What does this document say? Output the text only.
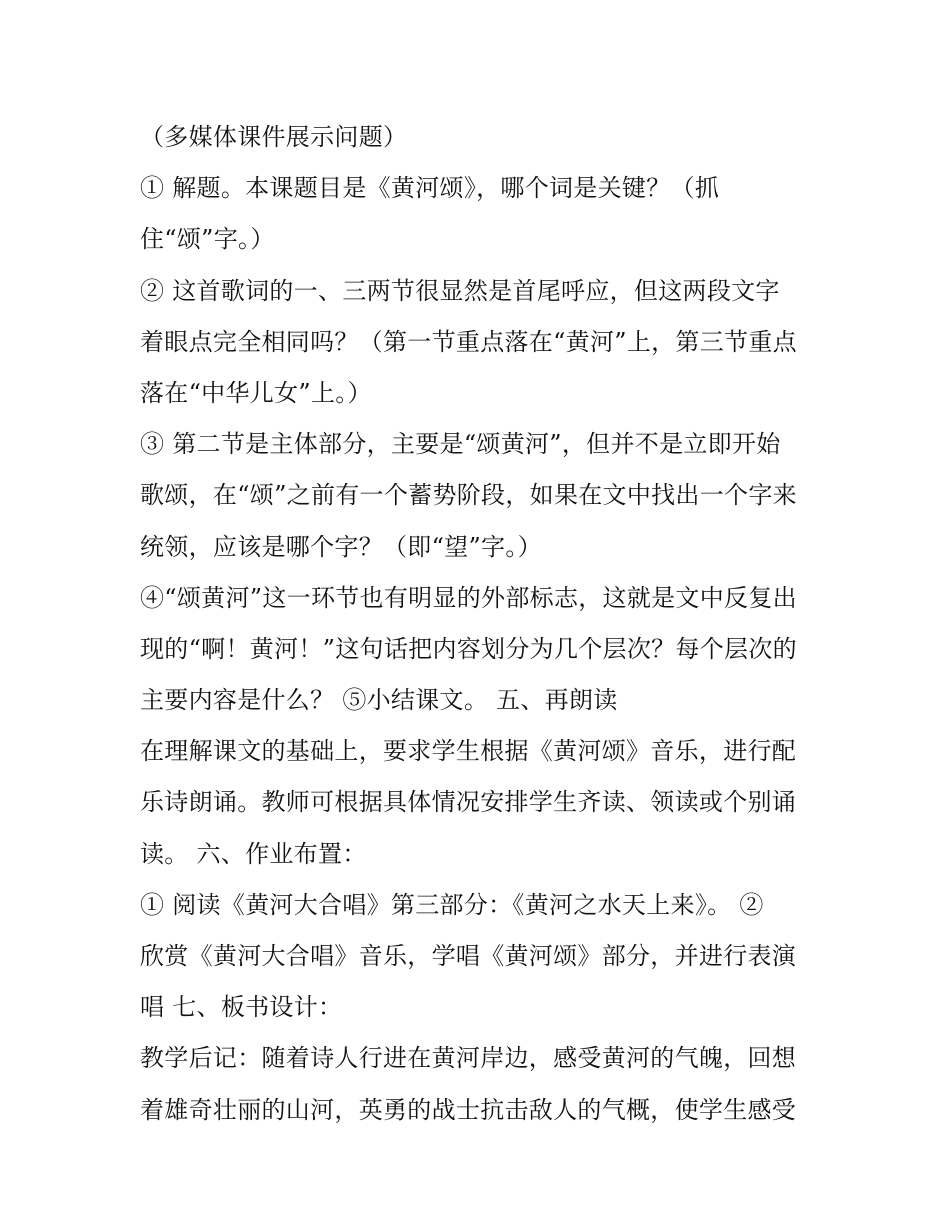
（多媒体课件展示问题）
① 解题。本课题目是《黄河颂》，哪个词是关键？（抓
住“颂”字。）
② 这首歌词的一、三两节很显然是首尾呼应，但这两段文字
着眼点完全相同吗？（第一节重点落在“黄河”上，第三节重点
落在“中华儿女”上。）
③ 第二节是主体部分，主要是“颂黄河”，但并不是立即开始
歌颂，在“颂”之前有一个蓄势阶段，如果在文中找出一个字来
统领，应该是哪个字？（即“望”字。）
④“颂黄河”这一环节也有明显的外部标志，这就是文中反复出
现的“啊！黄河！”这句话把内容划分为几个层次？每个层次的
主要内容是什么？ ⑤小结课文。 五、再朗读
在理解课文的基础上，要求学生根据《黄河颂》音乐，进行配
乐诗朗诵。教师可根据具体情况安排学生齐读、领读或个别诵
读。 六、作业布置：
① 阅读《黄河大合唱》第三部分：《黄河之水天上来》。 ②
欣赏《黄河大合唱》音乐，学唱《黄河颂》部分，并进行表演
唱 七、板书设计：
教学后记：随着诗人行进在黄河岸边，感受黄河的气魄，回想
着雄奇壮丽的山河，英勇的战士抗击敌人的气概，使学生感受
